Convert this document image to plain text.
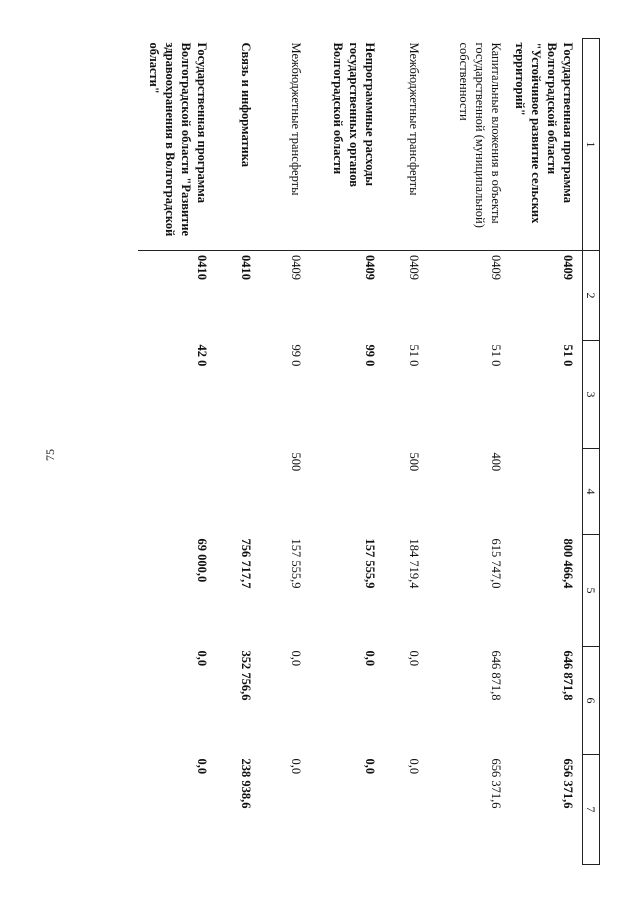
75
1	2	3	4	5	6	7
Государственная программа Волгоградской области "Устойчивое развитие сельских территорий"	0409	51 0		800 466,4	646 871,8	656 371,6
Капитальные вложения в объекты государственной (муниципальной) собственности	0409	51 0	400	615 747,0	646 871,8	656 371,6
Межбюджетные трансферты	0409	51 0	500	184 719,4	0,0	0,0
Непрограммные расходы государственных органов Волгоградской области	0409	99 0		157 555,9	0,0	0,0
Межбюджетные трансферты	0409	99 0	500	157 555,9	0,0	0,0
Связь и информатика	0410			756 717,7	352 756,6	238 938,6
Государственная программа Волгоградской области "Развитие здравоохранения в Волгоградской области"	0410	42 0		69 000,0	0,0	0,0
